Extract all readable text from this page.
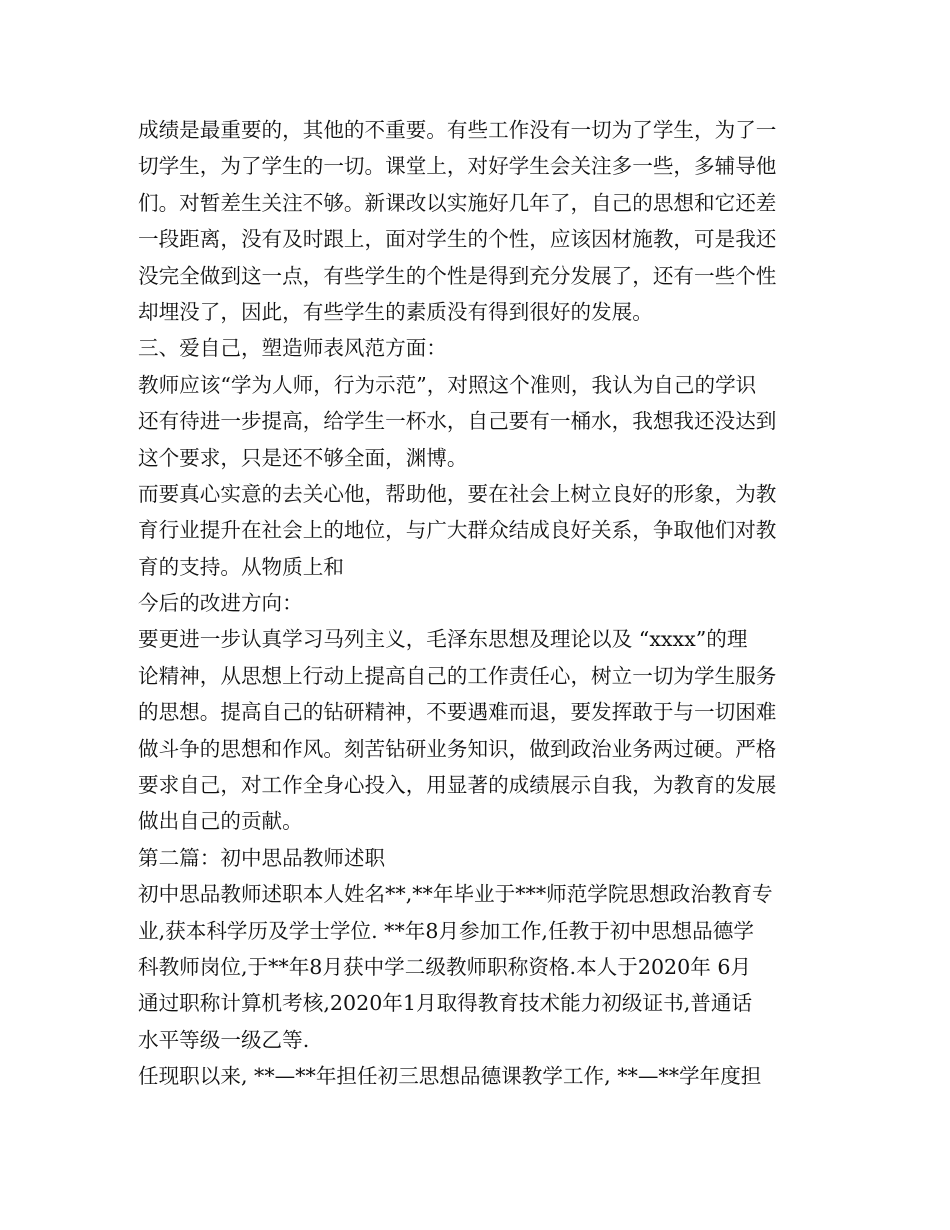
成绩是最重要的，其他的不重要。有些工作没有一切为了学生，为了一
切学生，为了学生的一切。课堂上，对好学生会关注多一些，多辅导他
们。对暂差生关注不够。新课改以实施好几年了，自己的思想和它还差
一段距离，没有及时跟上，面对学生的个性，应该因材施教，可是我还
没完全做到这一点，有些学生的个性是得到充分发展了，还有一些个性
却埋没了，因此，有些学生的素质没有得到很好的发展。
三、爱自己，塑造师表风范方面：
教师应该“学为人师，行为示范”，对照这个准则，我认为自己的学识
还有待进一步提高，给学生一杯水，自己要有一桶水，我想我还没达到
这个要求，只是还不够全面，渊博。
而要真心实意的去关心他，帮助他，要在社会上树立良好的形象，为教
育行业提升在社会上的地位，与广大群众结成良好关系，争取他们对教
育的支持。从物质上和
今后的改进方向：
要更进一步认真学习马列主义，毛泽东思想及理论以及 “xxxx”的理
论精神，从思想上行动上提高自己的工作责任心，树立一切为学生服务
的思想。提高自己的钻研精神，不要遇难而退，要发挥敢于与一切困难
做斗争的思想和作风。刻苦钻研业务知识，做到政治业务两过硬。严格
要求自己，对工作全身心投入，用显著的成绩展示自我，为教育的发展
做出自己的贡献。
第二篇：初中思品教师述职
初中思品教师述职本人姓名**,**年毕业于***师范学院思想政治教育专
业,获本科学历及学士学位. **年8月参加工作,任教于初中思想品德学
科教师岗位,于**年8月获中学二级教师职称资格.本人于2020年 6月
通过职称计算机考核,2020年1月取得教育技术能力初级证书,普通话
水平等级一级乙等.
任现职以来, **—**年担任初三思想品德课教学工作, **—**学年度担
